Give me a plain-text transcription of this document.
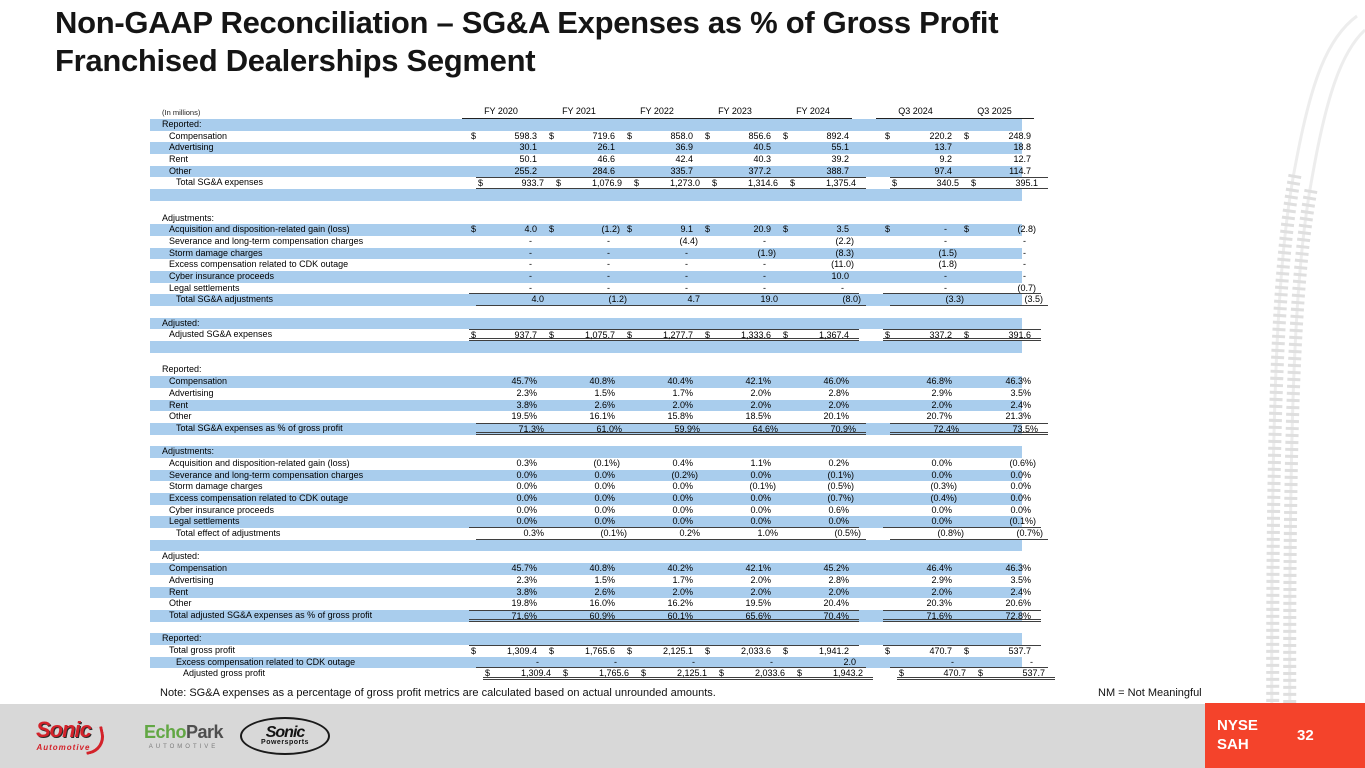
Non-GAAP Reconciliation – SG&A Expenses as % of Gross Profit
Franchised Dealerships Segment
(In millions)	FY 2020	FY 2021	FY 2022	FY 2023	FY 2024	Q3 2024	Q3 2025
Reported:
Compensation	$	598.3	$	719.6	$	858.0	$	856.6	$	892.4	$	220.2	$	248.9
Advertising	30.1	26.1	36.9	40.5	55.1	13.7	18.8
Rent	50.1	46.6	42.4	40.3	39.2	9.2	12.7
Other	255.2	284.6	335.7	377.2	388.7	97.4	114.7
Total SG&A expenses	$	933.7	$	1,076.9	$	1,273.0	$	1,314.6	$	1,375.4	$	340.5	$	395.1
Adjustments:
Acquisition and disposition-related gain (loss)	$	4.0	$	(1.2) $	9.1	$	20.9	$	3.5	$	-	$	(2.8)
Severance and long-term compensation charges	-	-	(4.4)	-	(2.2)	-	-
Storm damage charges	-	-	-	(1.9)	(8.3)	(1.5)	-
Excess compensation related to CDK outage	-	-	-	-	(11.0)	(1.8)	-
Cyber insurance proceeds	-	-	-	-	10.0	-	-
Legal settlements	-	-	-	-	-	-	(0.7)
Total SG&A adjustments	4.0	(1.2)	4.7	19.0	(8.0)	(3.3)	(3.5)
Adjusted:
Adjusted SG&A expenses	$	937.7	$	1,075.7	$	1,277.7	$	1,333.6	$	1,367.4	$	337.2	$	391.6
Reported:
Compensation	45.7%	40.8%	40.4%	42.1%	46.0%	46.8%	46.3%
Advertising	2.3%	1.5%	1.7%	2.0%	2.8%	2.9%	3.5%
Rent	3.8%	2.6%	2.0%	2.0%	2.0%	2.0%	2.4%
Other	19.5%	16.1%	15.8%	18.5%	20.1%	20.7%	21.3%
Total SG&A expenses as % of gross profit	71.3%	61.0%	59.9%	64.6%	70.9%	72.4%	73.5%
Adjustments:
Acquisition and disposition-related gain (loss)	0.3%	(0.1%)	0.4%	1.1%	0.2%	0.0%	(0.6%)
Severance and long-term compensation charges	0.0%	0.0%	(0.2%)	0.0%	(0.1%)	0.0%	0.0%
Storm damage charges	0.0%	0.0%	0.0%	(0.1%)	(0.5%)	(0.3%)	0.0%
Excess compensation related to CDK outage	0.0%	0.0%	0.0%	0.0%	(0.7%)	(0.4%)	0.0%
Cyber insurance proceeds	0.0%	0.0%	0.0%	0.0%	0.6%	0.0%	0.0%
Legal settlements	0.0%	0.0%	0.0%	0.0%	0.0%	0.0%	(0.1%)
Total effect of adjustments	0.3%	(0.1%)	0.2%	1.0%	(0.5%)	(0.8%)	(0.7%)
Adjusted:
Compensation	45.7%	40.8%	40.2%	42.1%	45.2%	46.4%	46.3%
Advertising	2.3%	1.5%	1.7%	2.0%	2.8%	2.9%	3.5%
Rent	3.8%	2.6%	2.0%	2.0%	2.0%	2.0%	2.4%
Other	19.8%	16.0%	16.2%	19.5%	20.4%	20.3%	20.6%
Total adjusted SG&A expenses as % of gross profit	71.6%	60.9%	60.1%	65.6%	70.4%	71.6%	72.8%
Reported:
Total gross profit	$	1,309.4	$	1,765.6	$	2,125.1	$	2,033.6	$	1,941.2	$	470.7	$	537.7
Excess compensation related to CDK outage	-	-	-	-	2.0	-	-
Adjusted gross profit	$	1,309.4	$	1,765.6	$	2,125.1	$	2,033.6	$	1,943.2	$	470.7	$	537.7
Note: SG&A expenses as a percentage of gross profit metrics are calculated based on actual unrounded amounts.	NM = Not Meaningful
Sonic
Automotive
EchoPark
AUTOMOTIVE
Sonic
Powersports
NYSE
SAH	32
